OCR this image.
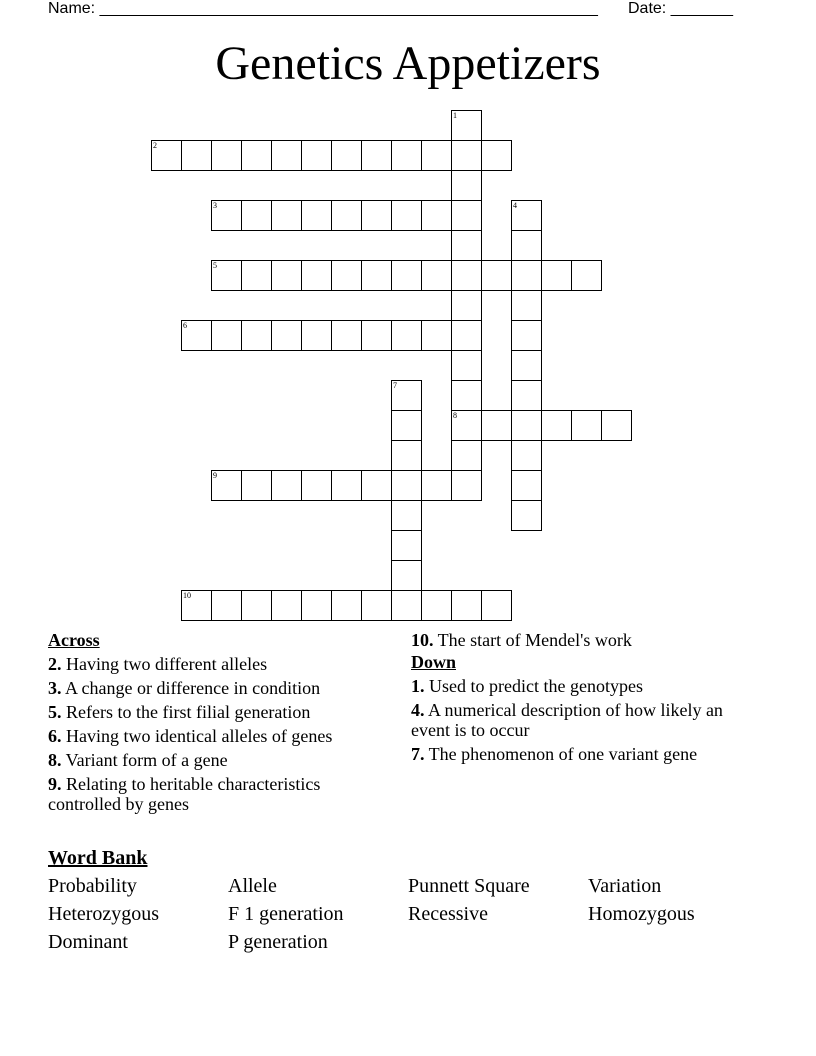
Name: ________________________________________________________ Date: _______
Genetics Appetizers
1
8
2
3	4
5
6
7
9
10
Across
2. Having two different alleles
3. A change or difference in condition
5. Refers to the first filial generation
6. Having two identical alleles of genes
8. Variant form of a gene
9. Relating to heritable characteristics controlled by genes
10. The start of Mendel's work
Down
1. Used to predict the genotypes
4. A numerical description of how likely an event is to occur
7. The phenomenon of one variant gene
Word Bank
Probability	Allele	Punnett Square	Variation
Heterozygous	F 1 generation	Recessive	Homozygous
Dominant	P generation
